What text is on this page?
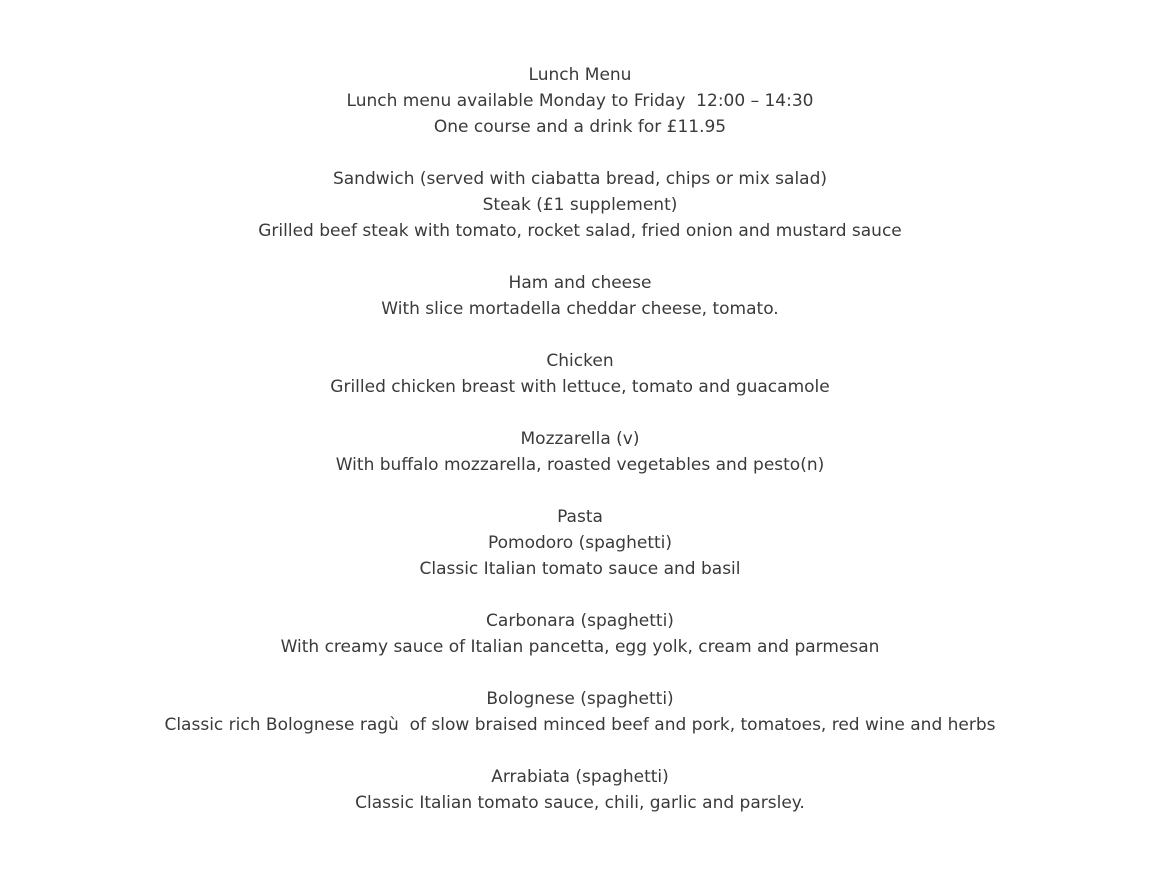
Lunch Menu
Lunch menu available Monday to Friday  12:00 – 14:30
One course and a drink for £11.95
Sandwich (served with ciabatta bread, chips or mix salad)
Steak (£1 supplement)
Grilled beef steak with tomato, rocket salad, fried onion and mustard sauce
Ham and cheese
With slice mortadella cheddar cheese, tomato.
Chicken
Grilled chicken breast with lettuce, tomato and guacamole
Mozzarella (v)
With buffalo mozzarella, roasted vegetables and pesto(n)
Pasta
Pomodoro (spaghetti)
Classic Italian tomato sauce and basil
Carbonara (spaghetti)
With creamy sauce of Italian pancetta, egg yolk, cream and parmesan
Bolognese (spaghetti)
Classic rich Bolognese ragù  of slow braised minced beef and pork, tomatoes, red wine and herbs
Arrabiata (spaghetti)
Classic Italian tomato sauce, chili, garlic and parsley.
